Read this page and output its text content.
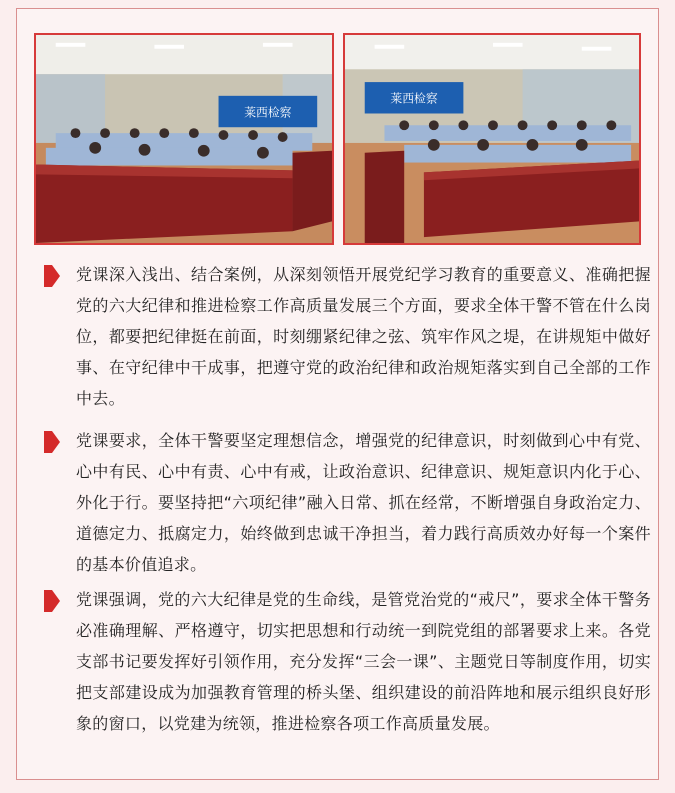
莱西检察
莱西检察

党课深入浅出、结合案例，从深刻领悟开展党纪学习教育的重要意义、准确把握党的六大纪律和推进检察工作高质量发展三个方面，要求全体干警不管在什么岗位，都要把纪律挺在前面，时刻绷紧纪律之弦、筑牢作风之堤，在讲规矩中做好事、在守纪律中干成事，把遵守党的政治纪律和政治规矩落实到自己全部的工作中去。

党课要求，全体干警要坚定理想信念，增强党的纪律意识，时刻做到心中有党、心中有民、心中有责、心中有戒，让政治意识、纪律意识、规矩意识内化于心、外化于行。要坚持把“六项纪律”融入日常、抓在经常，不断增强自身政治定力、道德定力、抵腐定力，始终做到忠诚干净担当，着力践行高质效办好每一个案件的基本价值追求。

党课强调，党的六大纪律是党的生命线，是管党治党的“戒尺”，要求全体干警务必准确理解、严格遵守，切实把思想和行动统一到院党组的部署要求上来。各党支部书记要发挥好引领作用，充分发挥“三会一课”、主题党日等制度作用，切实把支部建设成为加强教育管理的桥头堡、组织建设的前沿阵地和展示组织良好形象的窗口，以党建为统领，推进检察各项工作高质量发展。
